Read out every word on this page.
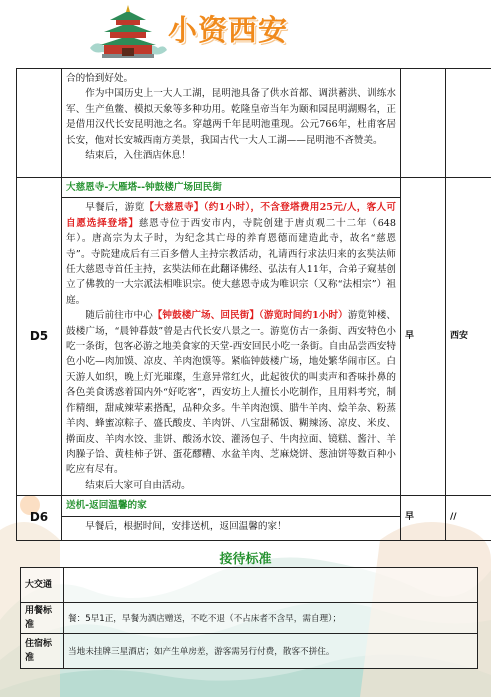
小资西安

	合的恰到好处。

作为中国历史上一大人工湖，昆明池具备了供水首都、调洪蓄洪、训练水军、生产鱼鳖、模拟天象等多种功用。乾隆皇帝当年为颐和园昆明湖赐名，正是借用汉代长安昆明池之名。穿越两千年昆明池重现。公元766年，杜甫客居长安，他对长安城西南方美景，我国古代一大人工湖——昆明池不吝赞美。

结束后，入住酒店休息！		

D5	大慈恩寺-大雁塔--钟鼓楼广场回民街

早餐后，游览【大慈恩寺】（约1小时），不含登塔费用25元/人，客人可自愿选择登塔】慈恩寺位于西安市内，寺院创建于唐贞观二十二年（648年）。唐高宗为太子时，为纪念其亡母的养育恩德而建造此寺，故名“慈恩寺”。寺院建成后有三百多僧人主持宗教活动，礼请西行求法归来的玄奘法师任大慈恩寺首任主持，玄奘法师在此翻译佛经、弘法有人11年，合弟子窥基创立了佛教的一大宗派法相唯识宗。使大慈恩寺成为唯识宗（又称“法相宗”）祖庭。

随后前往市中心【钟鼓楼广场、回民街】（游览时间约1小时）游览钟楼、鼓楼广场，“晨钟暮鼓”曾是古代长安八景之一。游览仿古一条街、西安特色小吃一条街，包客必游之地美食家的天堂-西安回民小吃一条街。自由品尝西安特色小吃—肉加馍、凉皮、羊肉泡馍等。紧临钟鼓楼广场，地处繁华闹市区。白天游人如织，晚上灯光璀璨，生意异常红火，此起彼伏的叫卖声和香味扑鼻的各色美食诱惑着国内外“好吃客”，西安坊上人擅长小吃制作，且用料考究，制作精细，甜咸辣荤素搭配，品种众多。牛羊肉泡馍、腊牛羊肉、烩羊杂、粉蒸羊肉、蜂蜜凉粽子、盛氏酸皮、羊肉饼、八宝甜稀饭、糊辣汤、凉皮、米皮、擀面皮、羊肉水饺、韭饼、酸汤水饺、灌汤包子、牛肉拉面、镜糕、酱汁、羊肉臊子饸、黄桂柿子饼、蛋花醪糟、水盆羊肉、芝麻烧饼、葱油饼等数百种小吃应有尽有。

结束后大家可自由活动。	早	西安
D6	送机-返回温馨的家

早餐后，根据时间，安排送机，返回温馨的家！	早	//
接待标准
大交通	
用餐标准	餐：5早1正，早餐为酒店赠送，不吃不退（不占床者不含早，需自理）；
住宿标准	当地未挂牌三星酒店；如产生单房差，游客需另行付费，散客不拼住。
